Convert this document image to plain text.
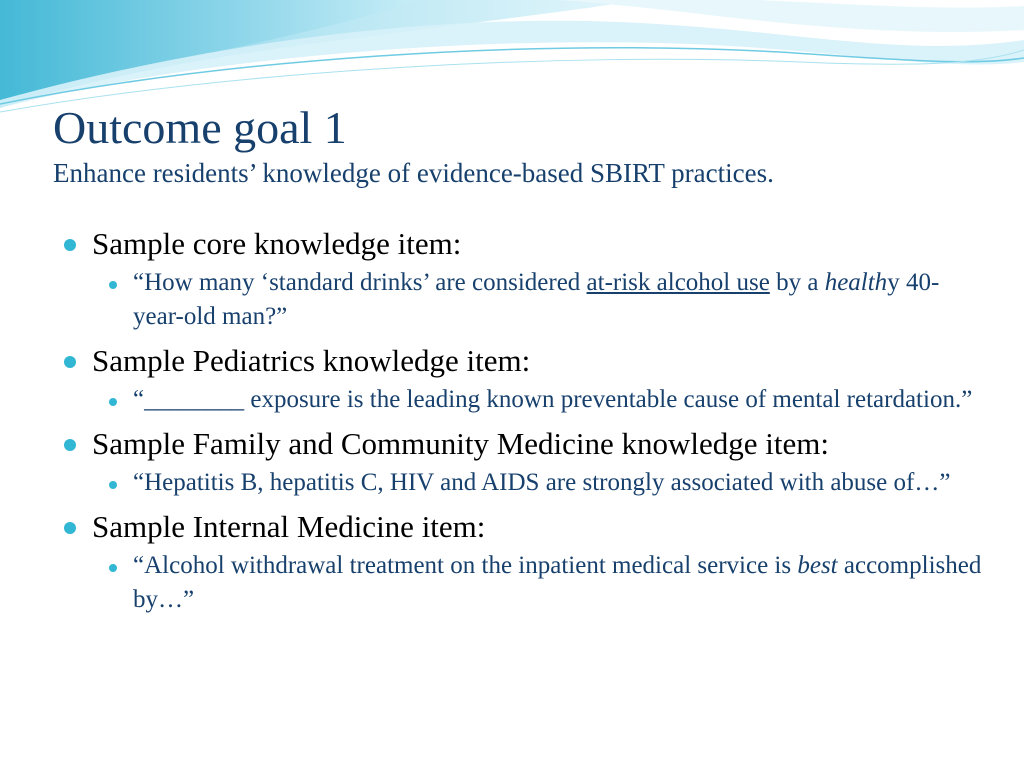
Outcome goal 1

Enhance residents’ knowledge of evidence-based SBIRT practices.

Sample core knowledge item:
“How many ‘standard drinks’ are considered at-risk alcohol use by a healthy 40-year-old man?”
Sample Pediatrics knowledge item:
“________ exposure is the leading known preventable cause of mental retardation.”
Sample Family and Community Medicine knowledge item:
“Hepatitis B, hepatitis C, HIV and AIDS are strongly associated with abuse of…”
Sample Internal Medicine item:
“Alcohol withdrawal treatment on the inpatient medical service is best accomplished by…”
